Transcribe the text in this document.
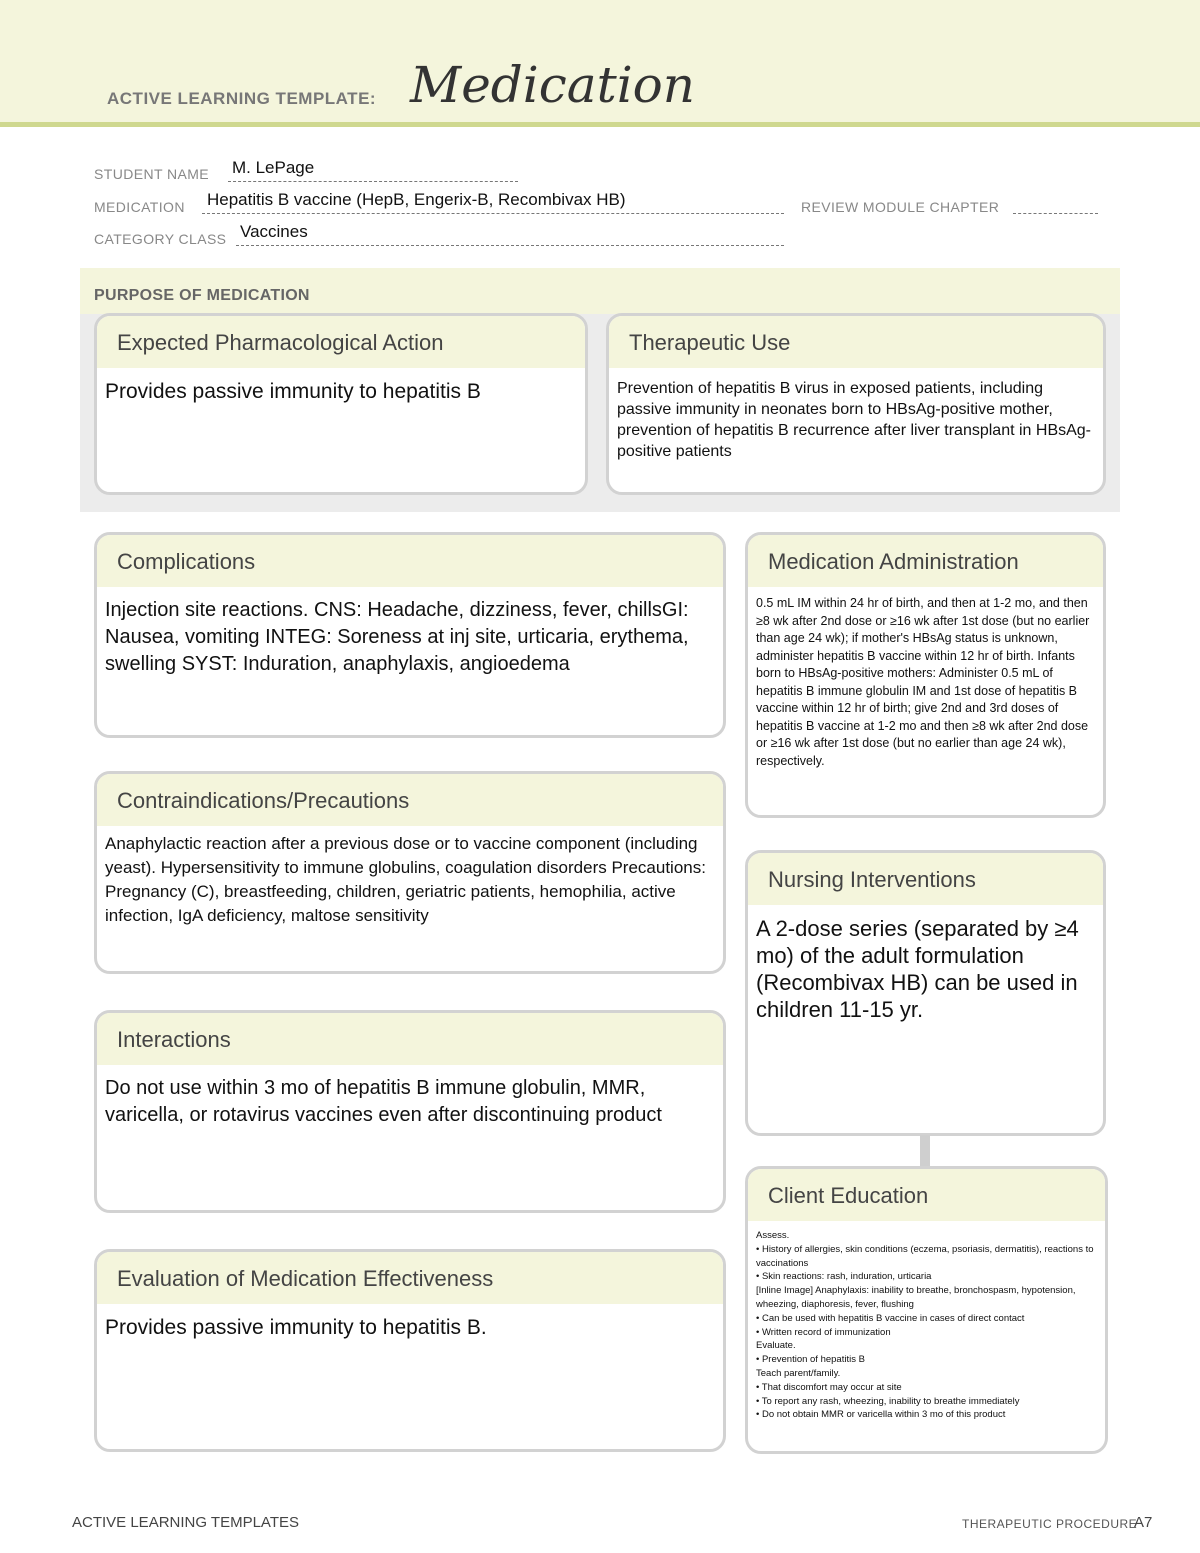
ACTIVE LEARNING TEMPLATE: Medication
STUDENT NAME M. LePage
MEDICATION Hepatitis B vaccine (HepB, Engerix-B, Recombivax HB)	REVIEW MODULE CHAPTER
CATEGORY CLASS Vaccines
PURPOSE OF MEDICATION
Expected Pharmacological Action
Provides passive immunity to hepatitis B
Therapeutic Use
Prevention of hepatitis B virus in exposed patients, including passive immunity in neonates born to HBsAg-positive mother, prevention of hepatitis B recurrence after liver transplant in HBsAg-positive patients
Complications
Injection site reactions. CNS: Headache, dizziness, fever, chillsGI: Nausea, vomiting INTEG: Soreness at inj site, urticaria, erythema, swelling SYST: Induration, anaphylaxis, angioedema
Contraindications/Precautions
Anaphylactic reaction after a previous dose or to vaccine component (including yeast). Hypersensitivity to immune globulins, coagulation disorders Precautions: Pregnancy (C), breastfeeding, children, geriatric patients, hemophilia, active infection, IgA deficiency, maltose sensitivity
Interactions
Do not use within 3 mo of hepatitis B immune globulin, MMR, varicella, or rotavirus vaccines even after discontinuing product
Evaluation of Medication Effectiveness
Provides passive immunity to hepatitis B.
Medication Administration
0.5 mL IM within 24 hr of birth, and then at 1-2 mo, and then ≥8 wk after 2nd dose or ≥16 wk after 1st dose (but no earlier than age 24 wk); if mother's HBsAg status is unknown, administer hepatitis B vaccine within 12 hr of birth. Infants born to HBsAg-positive mothers: Administer 0.5 mL of hepatitis B immune globulin IM and 1st dose of hepatitis B vaccine within 12 hr of birth; give 2nd and 3rd doses of hepatitis B vaccine at 1-2 mo and then ≥8 wk after 2nd dose or ≥16 wk after 1st dose (but no earlier than age 24 wk), respectively.
Nursing Interventions
A 2-dose series (separated by ≥4 mo) of the adult formulation (Recombivax HB) can be used in children 11-15 yr.
Client Education
Assess.
• History of allergies, skin conditions (eczema, psoriasis, dermatitis), reactions to vaccinations
• Skin reactions: rash, induration, urticaria
[Inline Image] Anaphylaxis: inability to breathe, bronchospasm, hypotension, wheezing, diaphoresis, fever, flushing
• Can be used with hepatitis B vaccine in cases of direct contact
• Written record of immunization
Evaluate.
• Prevention of hepatitis B
Teach parent/family.
• That discomfort may occur at site
• To report any rash, wheezing, inability to breathe immediately
• Do not obtain MMR or varicella within 3 mo of this product
ACTIVE LEARNING TEMPLATES	THERAPEUTIC PROCEDURE
A7
